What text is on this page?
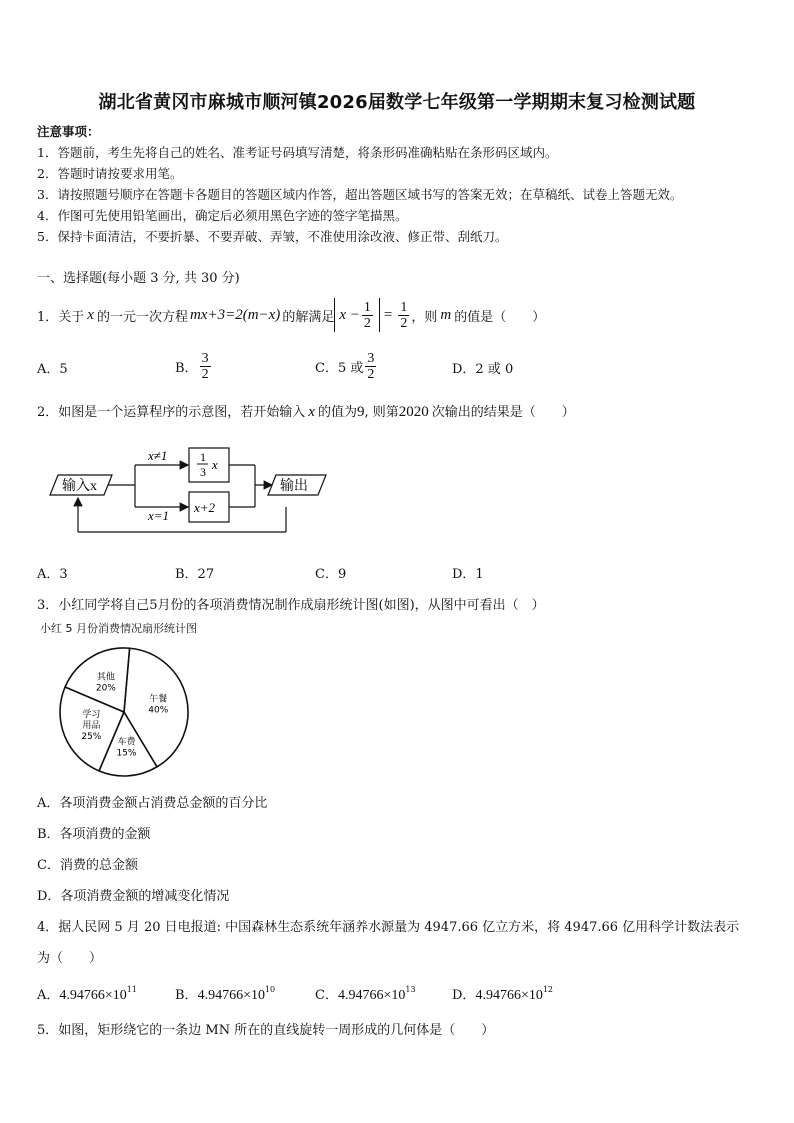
湖北省黄冈市麻城市顺河镇2026届数学七年级第一学期期末复习检测试题
注意事项：
1．答题前，考生先将自己的姓名、准考证号码填写清楚，将条形码准确粘贴在条形码区域内。
2．答题时请按要求用笔。
3．请按照题号顺序在答题卡各题目的答题区域内作答，超出答题区域书写的答案无效；在草稿纸、试卷上答题无效。
4．作图可先使用铅笔画出，确定后必须用黑色字迹的签字笔描黑。
5．保持卡面清洁，不要折暴、不要弄破、弄皱，不准使用涂改液、修正带、刮纸刀。
一、选择题(每小题 3 分, 共 30 分)
1．关于 x 的一元一次方程 mx+3=2(m−x) 的解满足 $x - \frac{1}{2} = \frac{1}{2}$ ，则 m 的值是（　　）
A．5	B． $\frac{3}{2}$	C．5 或 $\frac{3}{2}$	D．2 或 0
2．如图是一个运算程序的示意图，若开始输入 x 的值为9, 则第2020 次输出的结果是（　　）
输入x
x≠1
x=1
1
3 x
x+2
输出
A．3	B．27	C．9	D．1
3．小红同学将自己5月份的各项消费情况制作成扇形统计图(如图)，从图中可看出（　）
小红 5 月份消费情况扇形统计图
午餐
40%
车费
15%
学习
用品
25%
其他
20%
A．各项消费金额占消费总金额的百分比
B．各项消费的金额
C．消费的总金额
D．各项消费金额的增减变化情况
4．据人民网 5 月 20 日电报道: 中国森林生态系统年涵养水源量为 4947.66 亿立方米，将 4947.66 亿用科学计数法表示
为（　　）
A．$4.94766\times 10^{11}$	B．$4.94766\times 10^{10}$	C．$4.94766\times 10^{13}$	D．$4.94766\times 10^{12}$
5．如图，矩形绕它的一条边 MN 所在的直线旋转一周形成的几何体是（　　）
